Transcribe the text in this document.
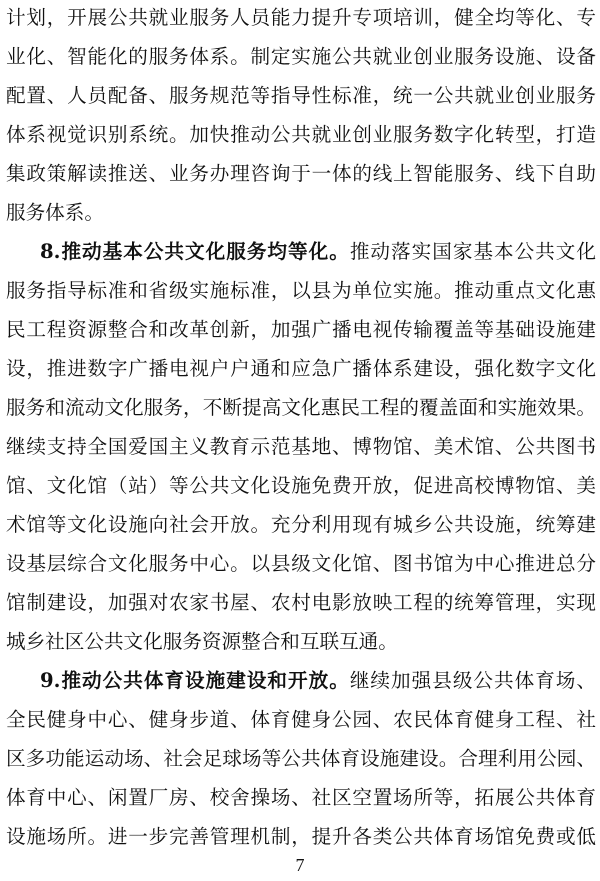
计划，开展公共就业服务人员能力提升专项培训，健全均等化、专
业化、智能化的服务体系。制定实施公共就业创业服务设施、设备
配置、人员配备、服务规范等指导性标准，统一公共就业创业服务
体系视觉识别系统。加快推动公共就业创业服务数字化转型，打造
集政策解读推送、业务办理咨询于一体的线上智能服务、线下自助
服务体系。
8.推动基本公共文化服务均等化。推动落实国家基本公共文化
服务指导标准和省级实施标准，以县为单位实施。推动重点文化惠
民工程资源整合和改革创新，加强广播电视传输覆盖等基础设施建
设，推进数字广播电视户户通和应急广播体系建设，强化数字文化
服务和流动文化服务，不断提高文化惠民工程的覆盖面和实施效果。
继续支持全国爱国主义教育示范基地、博物馆、美术馆、公共图书
馆、文化馆（站）等公共文化设施免费开放，促进高校博物馆、美
术馆等文化设施向社会开放。充分利用现有城乡公共设施，统筹建
设基层综合文化服务中心。以县级文化馆、图书馆为中心推进总分
馆制建设，加强对农家书屋、农村电影放映工程的统筹管理，实现
城乡社区公共文化服务资源整合和互联互通。
9.推动公共体育设施建设和开放。继续加强县级公共体育场、
全民健身中心、健身步道、体育健身公园、农民体育健身工程、社
区多功能运动场、社会足球场等公共体育设施建设。合理利用公园、
体育中心、闲置厂房、校舍操场、社区空置场所等，拓展公共体育
设施场所。进一步完善管理机制，提升各类公共体育场馆免费或低
7
